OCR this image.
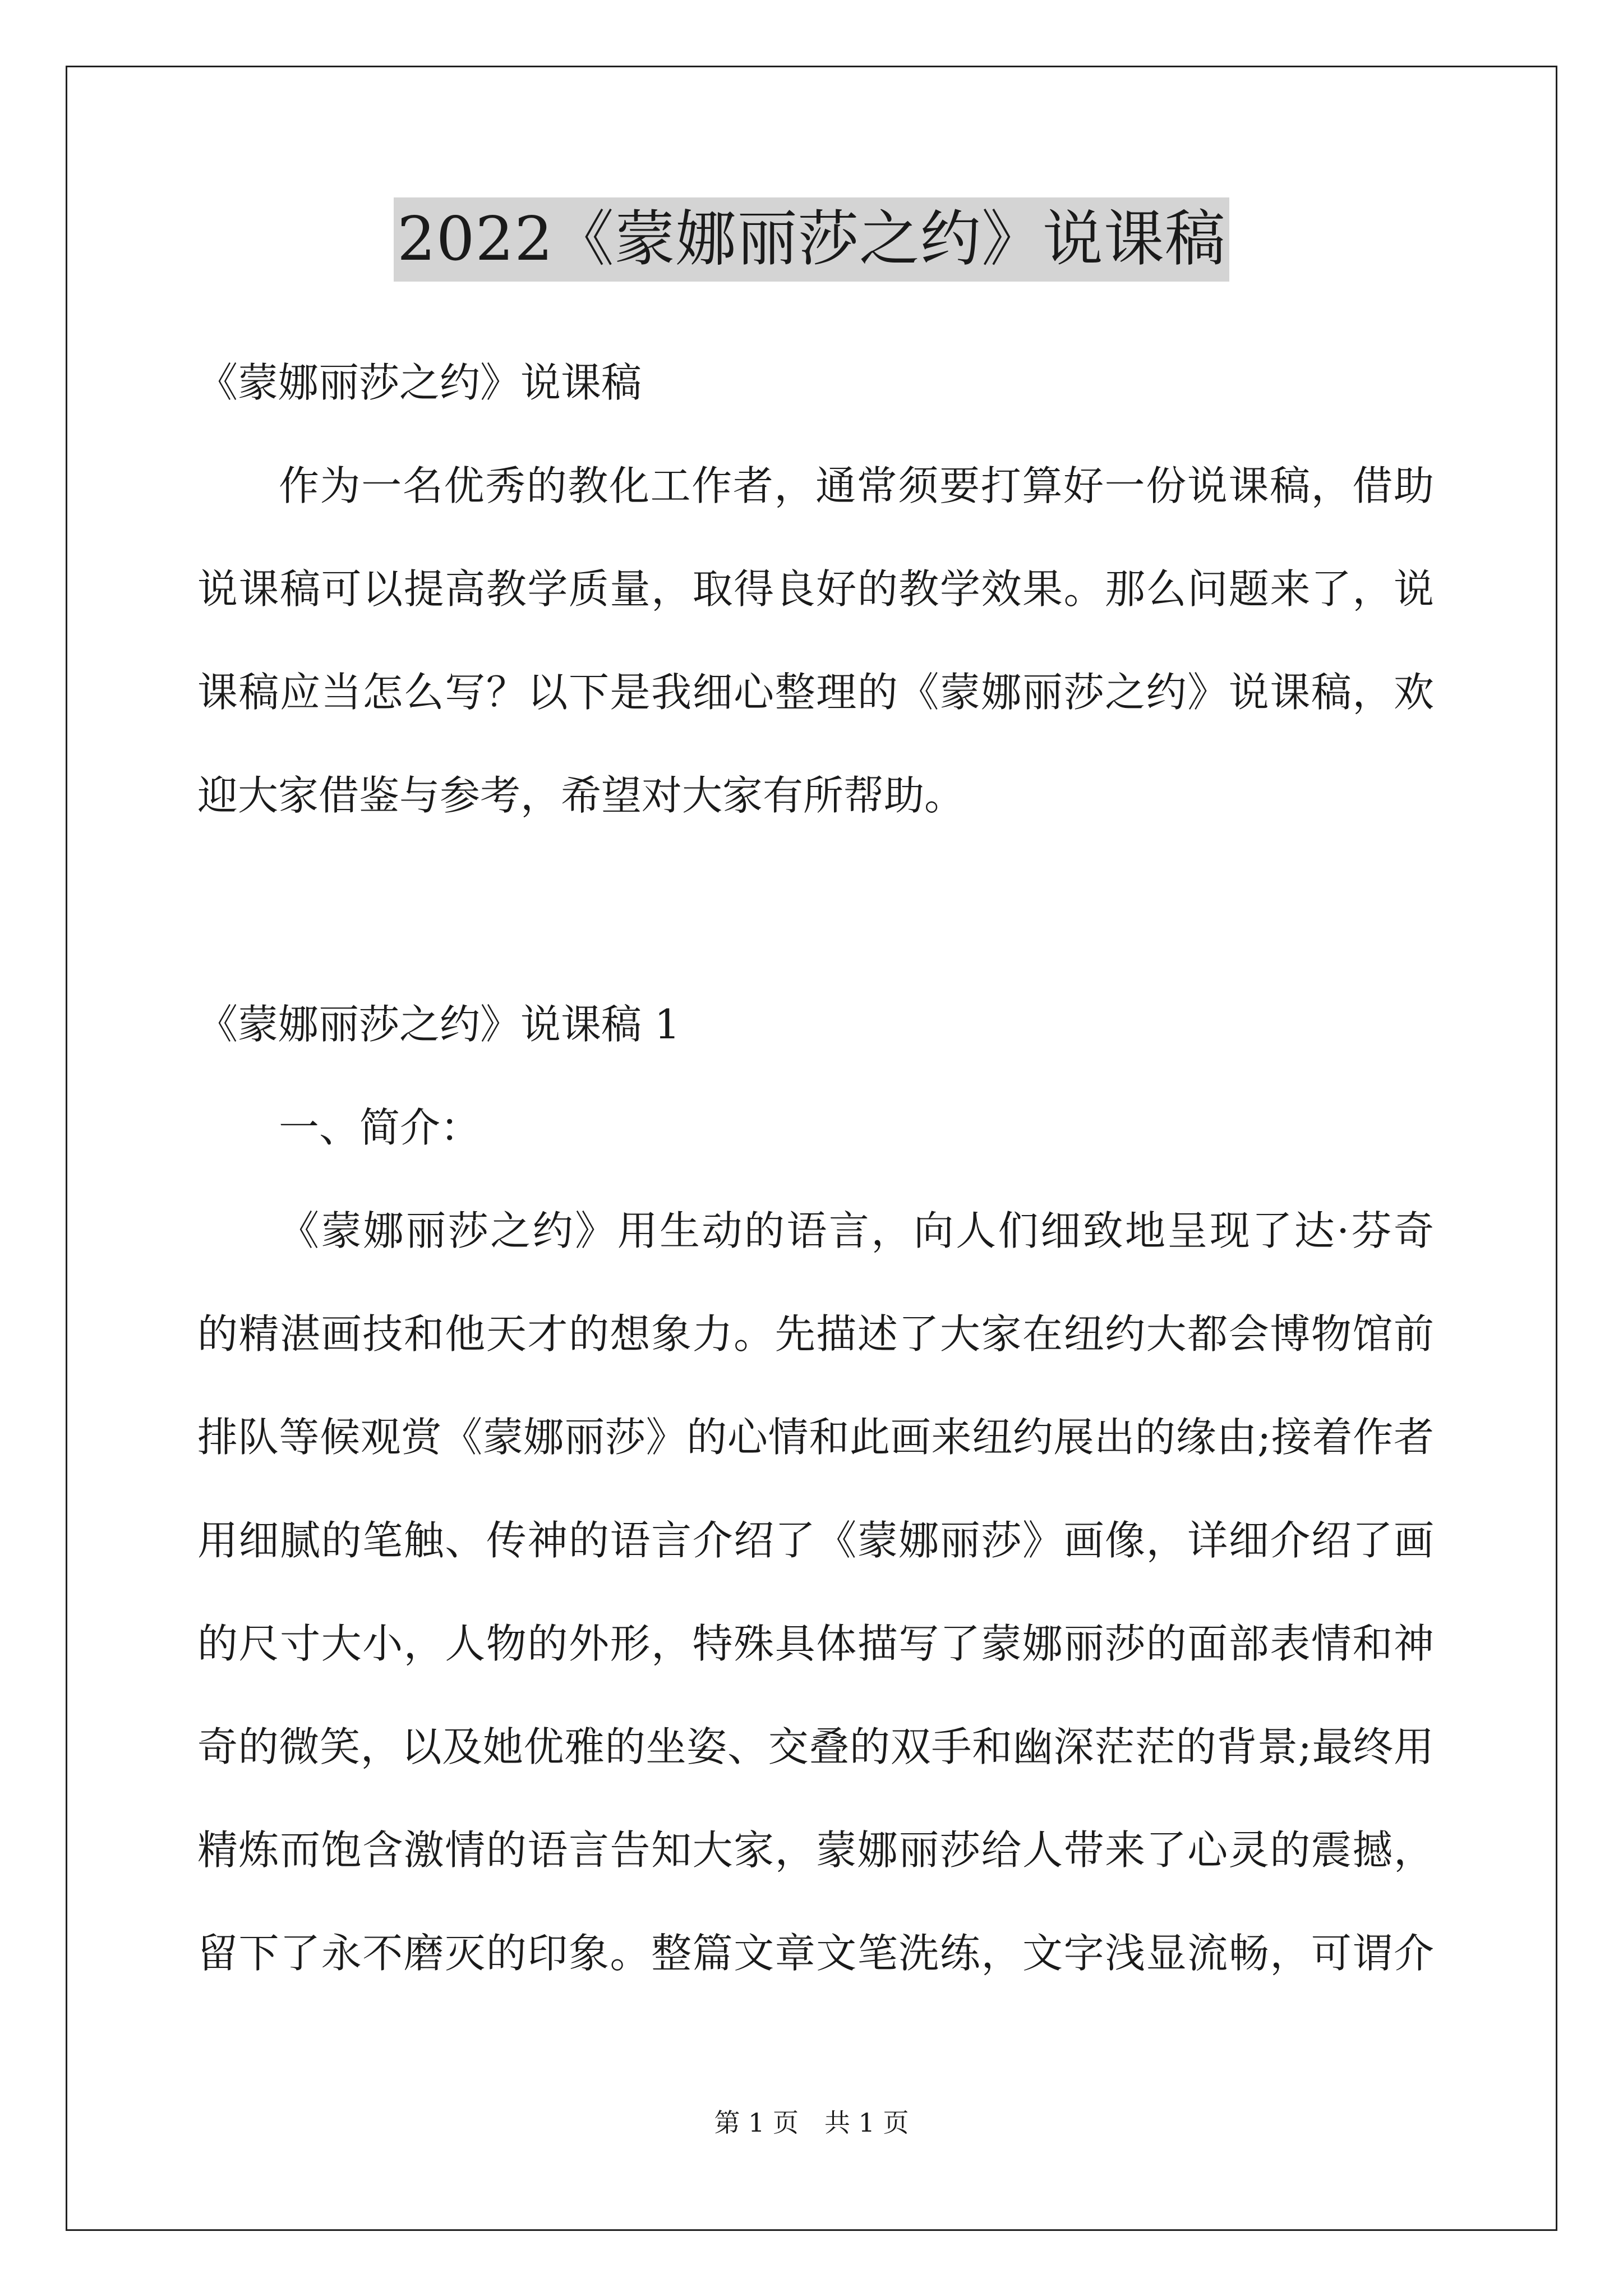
2022《蒙娜丽莎之约》说课稿
《蒙娜丽莎之约》说课稿
作为一名优秀的教化工作者，通常须要打算好一份说课稿，借助
说课稿可以提高教学质量，取得良好的教学效果。那么问题来了，说
课稿应当怎么写？以下是我细心整理的《蒙娜丽莎之约》说课稿，欢
迎大家借鉴与参考，希望对大家有所帮助。
《蒙娜丽莎之约》说课稿 1
一、简介：
《蒙娜丽莎之约》用生动的语言，向人们细致地呈现了达·芬奇
的精湛画技和他天才的想象力。先描述了大家在纽约大都会博物馆前
排队等候观赏《蒙娜丽莎》的心情和此画来纽约展出的缘由;接着作者
用细腻的笔触、传神的语言介绍了《蒙娜丽莎》画像，详细介绍了画
的尺寸大小，人物的外形，特殊具体描写了蒙娜丽莎的面部表情和神
奇的微笑，以及她优雅的坐姿、交叠的双手和幽深茫茫的背景;最终用
精炼而饱含激情的语言告知大家，蒙娜丽莎给人带来了心灵的震撼，
留下了永不磨灭的印象。整篇文章文笔洗练，文字浅显流畅，可谓介
第 1 页　共 1 页
